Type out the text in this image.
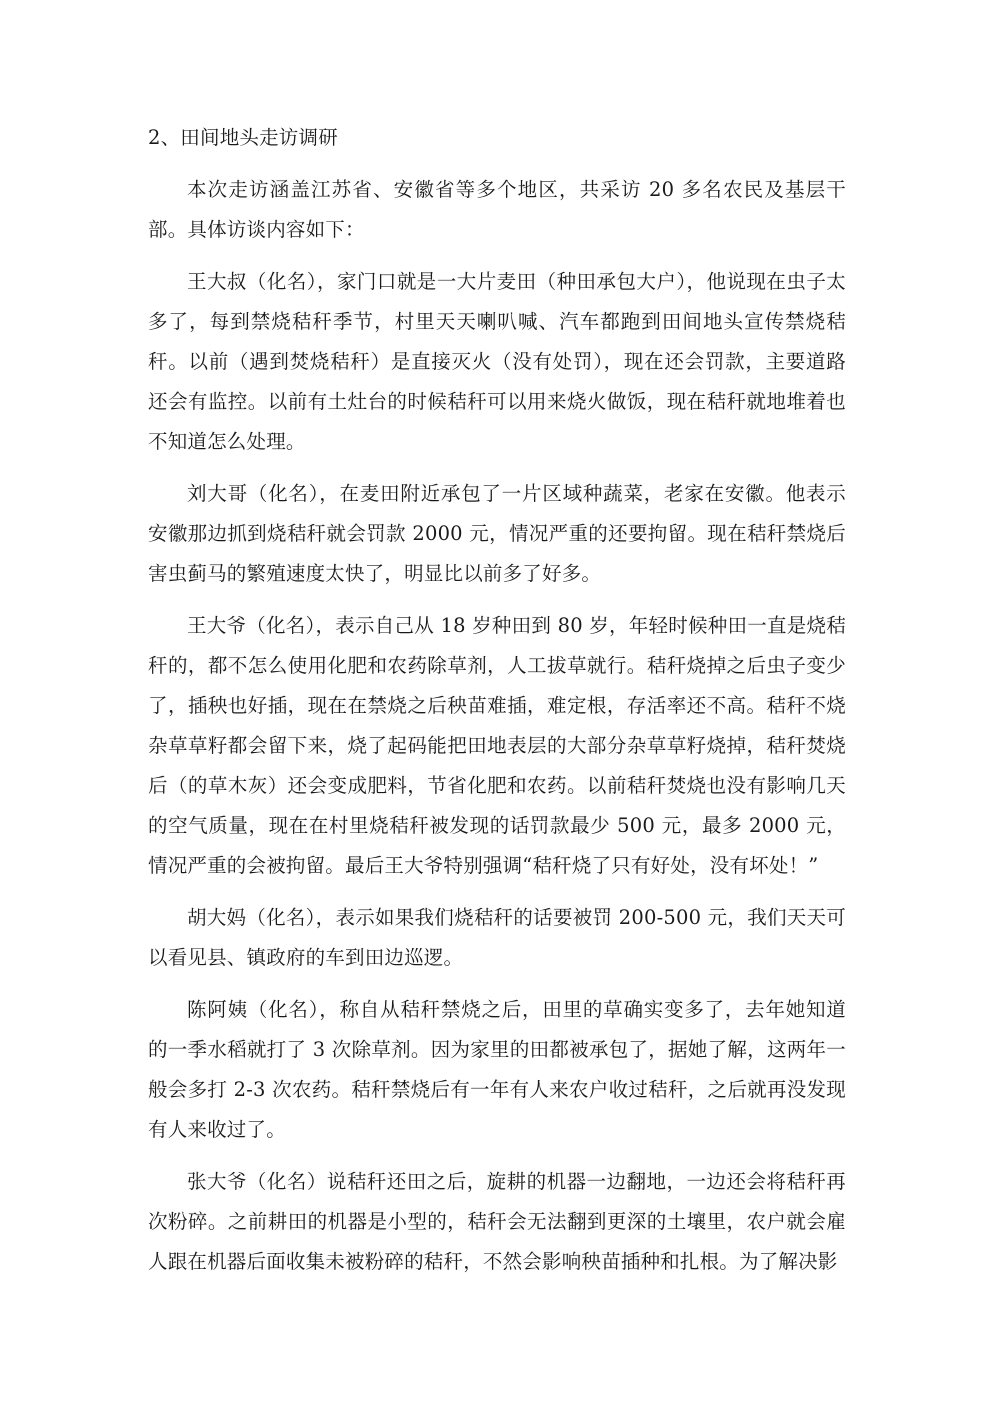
2、田间地头走访调研

本次走访涵盖江苏省、安徽省等多个地区，共采访 20 多名农民及基层干部。具体访谈内容如下：

王大叔（化名），家门口就是一大片麦田（种田承包大户），他说现在虫子太多了，每到禁烧秸秆季节，村里天天喇叭喊、汽车都跑到田间地头宣传禁烧秸秆。以前（遇到焚烧秸秆）是直接灭火（没有处罚），现在还会罚款，主要道路还会有监控。以前有土灶台的时候秸秆可以用来烧火做饭，现在秸秆就地堆着也不知道怎么处理。

刘大哥（化名），在麦田附近承包了一片区域种蔬菜，老家在安徽。他表示安徽那边抓到烧秸秆就会罚款 2000 元，情况严重的还要拘留。现在秸秆禁烧后害虫蓟马的繁殖速度太快了，明显比以前多了好多。

王大爷（化名），表示自己从 18 岁种田到 80 岁，年轻时候种田一直是烧秸秆的，都不怎么使用化肥和农药除草剂，人工拔草就行。秸秆烧掉之后虫子变少了，插秧也好插，现在在禁烧之后秧苗难插，难定根，存活率还不高。秸秆不烧杂草草籽都会留下来，烧了起码能把田地表层的大部分杂草草籽烧掉，秸秆焚烧后（的草木灰）还会变成肥料，节省化肥和农药。以前秸秆焚烧也没有影响几天的空气质量，现在在村里烧秸秆被发现的话罚款最少 500 元，最多 2000 元，情况严重的会被拘留。最后王大爷特别强调“秸秆烧了只有好处，没有坏处！”

胡大妈（化名），表示如果我们烧秸秆的话要被罚 200-500 元，我们天天可以看见县、镇政府的车到田边巡逻。

陈阿姨（化名），称自从秸秆禁烧之后，田里的草确实变多了，去年她知道的一季水稻就打了 3 次除草剂。因为家里的田都被承包了，据她了解，这两年一般会多打 2-3 次农药。秸秆禁烧后有一年有人来农户收过秸秆，之后就再没发现有人来收过了。

张大爷（化名）说秸秆还田之后，旋耕的机器一边翻地，一边还会将秸秆再次粉碎。之前耕田的机器是小型的，秸秆会无法翻到更深的土壤里，农户就会雇人跟在机器后面收集未被粉碎的秸秆，不然会影响秧苗插种和扎根。为了解决影
